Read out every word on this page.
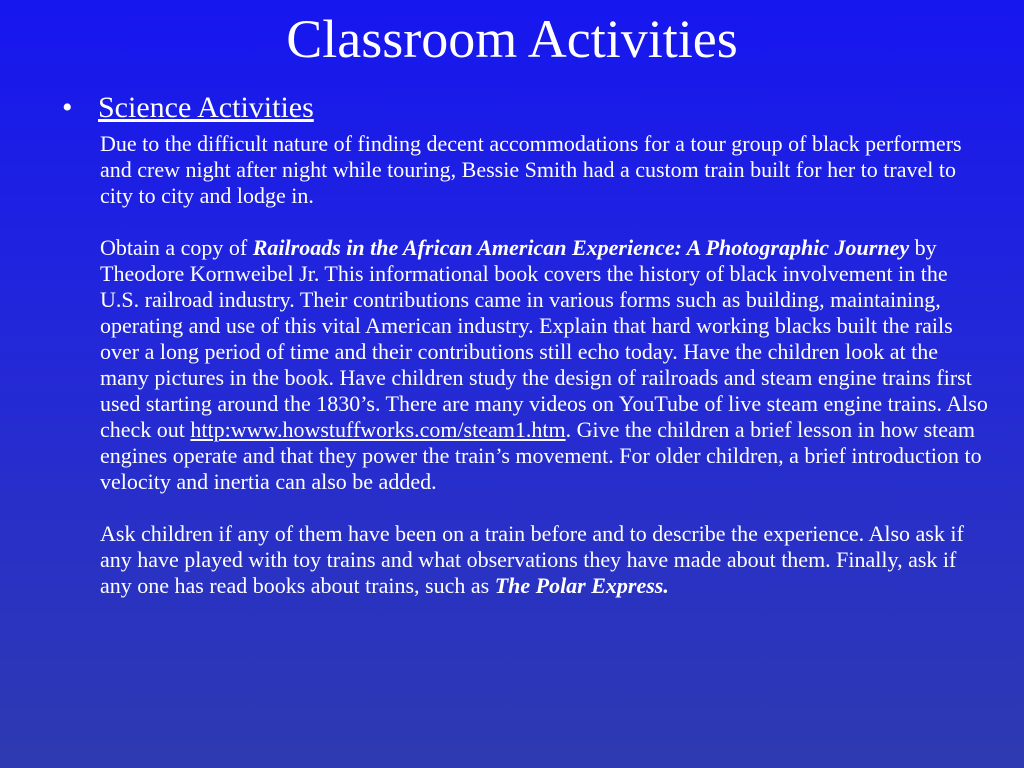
Classroom Activities
• Science Activities

Due to the difficult nature of finding decent accommodations for a tour group of black performers and crew night after night while touring, Bessie Smith had a custom train built for her to travel to city to city and lodge in.

Obtain a copy of Railroads in the African American Experience: A Photographic Journey by Theodore Kornweibel Jr. This informational book covers the history of black involvement in the U.S. railroad industry. Their contributions came in various forms such as building, maintaining, operating and use of this vital American industry. Explain that hard working blacks built the rails over a long period of time and their contributions still echo today. Have the children look at the many pictures in the book. Have children study the design of railroads and steam engine trains first used starting around the 1830’s. There are many videos on YouTube of live steam engine trains. Also check out http:www.howstuffworks.com/steam1.htm. Give the children a brief lesson in how steam engines operate and that they power the train’s movement. For older children, a brief introduction to velocity and inertia can also be added.

Ask children if any of them have been on a train before and to describe the experience. Also ask if any have played with toy trains and what observations they have made about them. Finally, ask if any one has read books about trains, such as The Polar Express.
